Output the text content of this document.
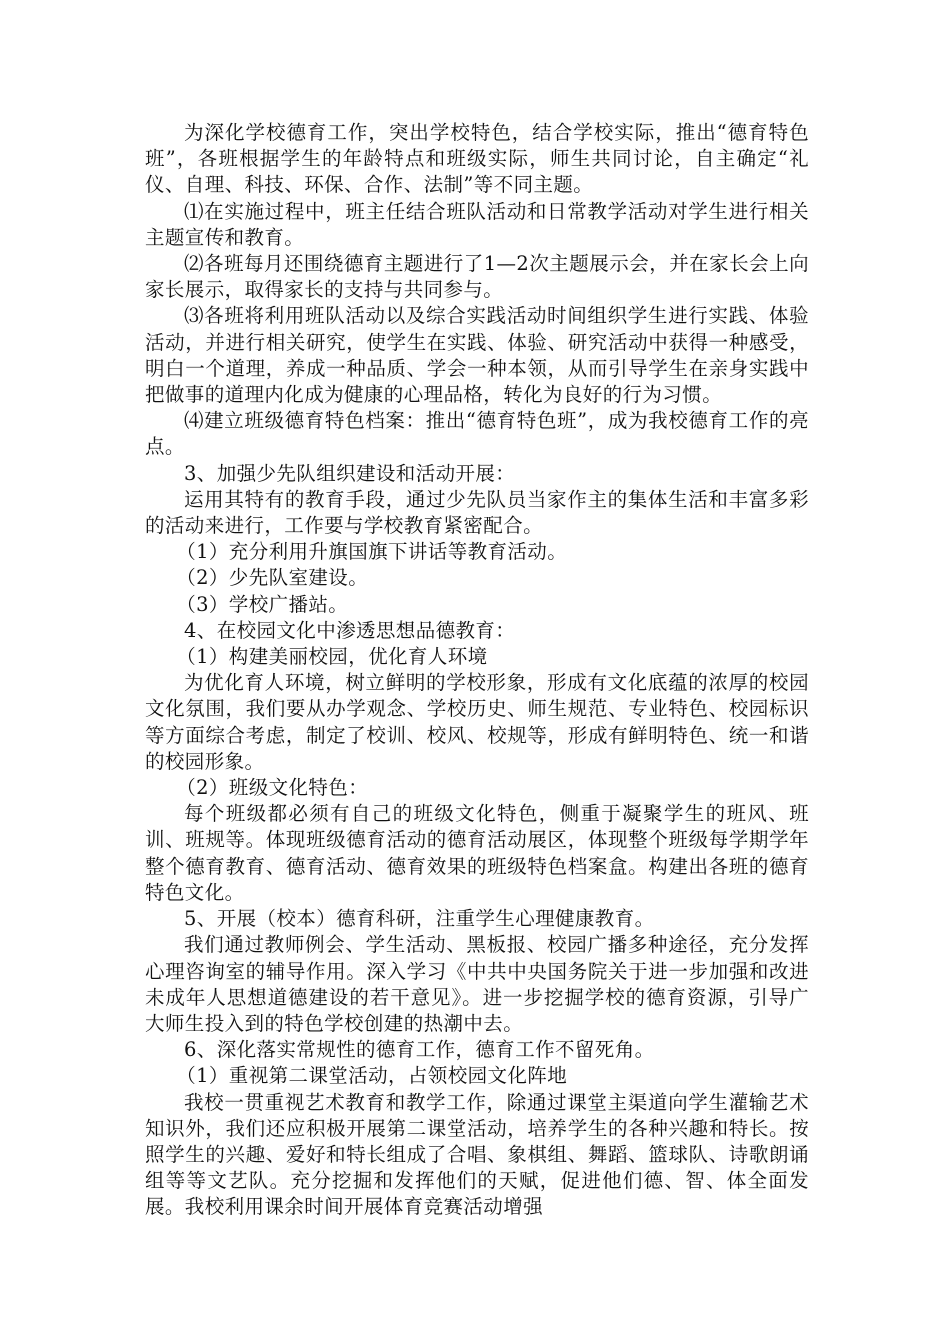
为深化学校德育工作，突出学校特色，结合学校实际，推出“德育特色班”，各班根据学生的年龄特点和班级实际，师生共同讨论，自主确定“礼仪、自理、科技、环保、合作、法制”等不同主题。

⑴在实施过程中，班主任结合班队活动和日常教学活动对学生进行相关主题宣传和教育。

⑵各班每月还围绕德育主题进行了1—2次主题展示会，并在家长会上向家长展示，取得家长的支持与共同参与。

⑶各班将利用班队活动以及综合实践活动时间组织学生进行实践、体验活动，并进行相关研究，使学生在实践、体验、研究活动中获得一种感受，明白一个道理，养成一种品质、学会一种本领，从而引导学生在亲身实践中把做事的道理内化成为健康的心理品格，转化为良好的行为习惯。

⑷建立班级德育特色档案：推出“德育特色班”，成为我校德育工作的亮点。

3、加强少先队组织建设和活动开展：

运用其特有的教育手段，通过少先队员当家作主的集体生活和丰富多彩的活动来进行，工作要与学校教育紧密配合。

（1）充分利用升旗国旗下讲话等教育活动。

（2）少先队室建设。

（3）学校广播站。

4、在校园文化中渗透思想品德教育：

（1）构建美丽校园，优化育人环境

为优化育人环境，树立鲜明的学校形象，形成有文化底蕴的浓厚的校园文化氛围，我们要从办学观念、学校历史、师生规范、专业特色、校园标识等方面综合考虑，制定了校训、校风、校规等，形成有鲜明特色、统一和谐的校园形象。

（2）班级文化特色：

每个班级都必须有自己的班级文化特色，侧重于凝聚学生的班风、班训、班规等。体现班级德育活动的德育活动展区，体现整个班级每学期学年整个德育教育、德育活动、德育效果的班级特色档案盒。构建出各班的德育特色文化。

5、开展（校本）德育科研，注重学生心理健康教育。

我们通过教师例会、学生活动、黑板报、校园广播多种途径，充分发挥心理咨询室的辅导作用。深入学习《中共中央国务院关于进一步加强和改进未成年人思想道德建设的若干意见》。进一步挖掘学校的德育资源，引导广大师生投入到的特色学校创建的热潮中去。

6、深化落实常规性的德育工作，德育工作不留死角。

（1）重视第二课堂活动，占领校园文化阵地

我校一贯重视艺术教育和教学工作，除通过课堂主渠道向学生灌输艺术知识外，我们还应积极开展第二课堂活动，培养学生的各种兴趣和特长。按照学生的兴趣、爱好和特长组成了合唱、象棋组、舞蹈、篮球队、诗歌朗诵组等等文艺队。充分挖掘和发挥他们的天赋，促进他们德、智、体全面发展。我校利用课余时间开展体育竞赛活动增强
